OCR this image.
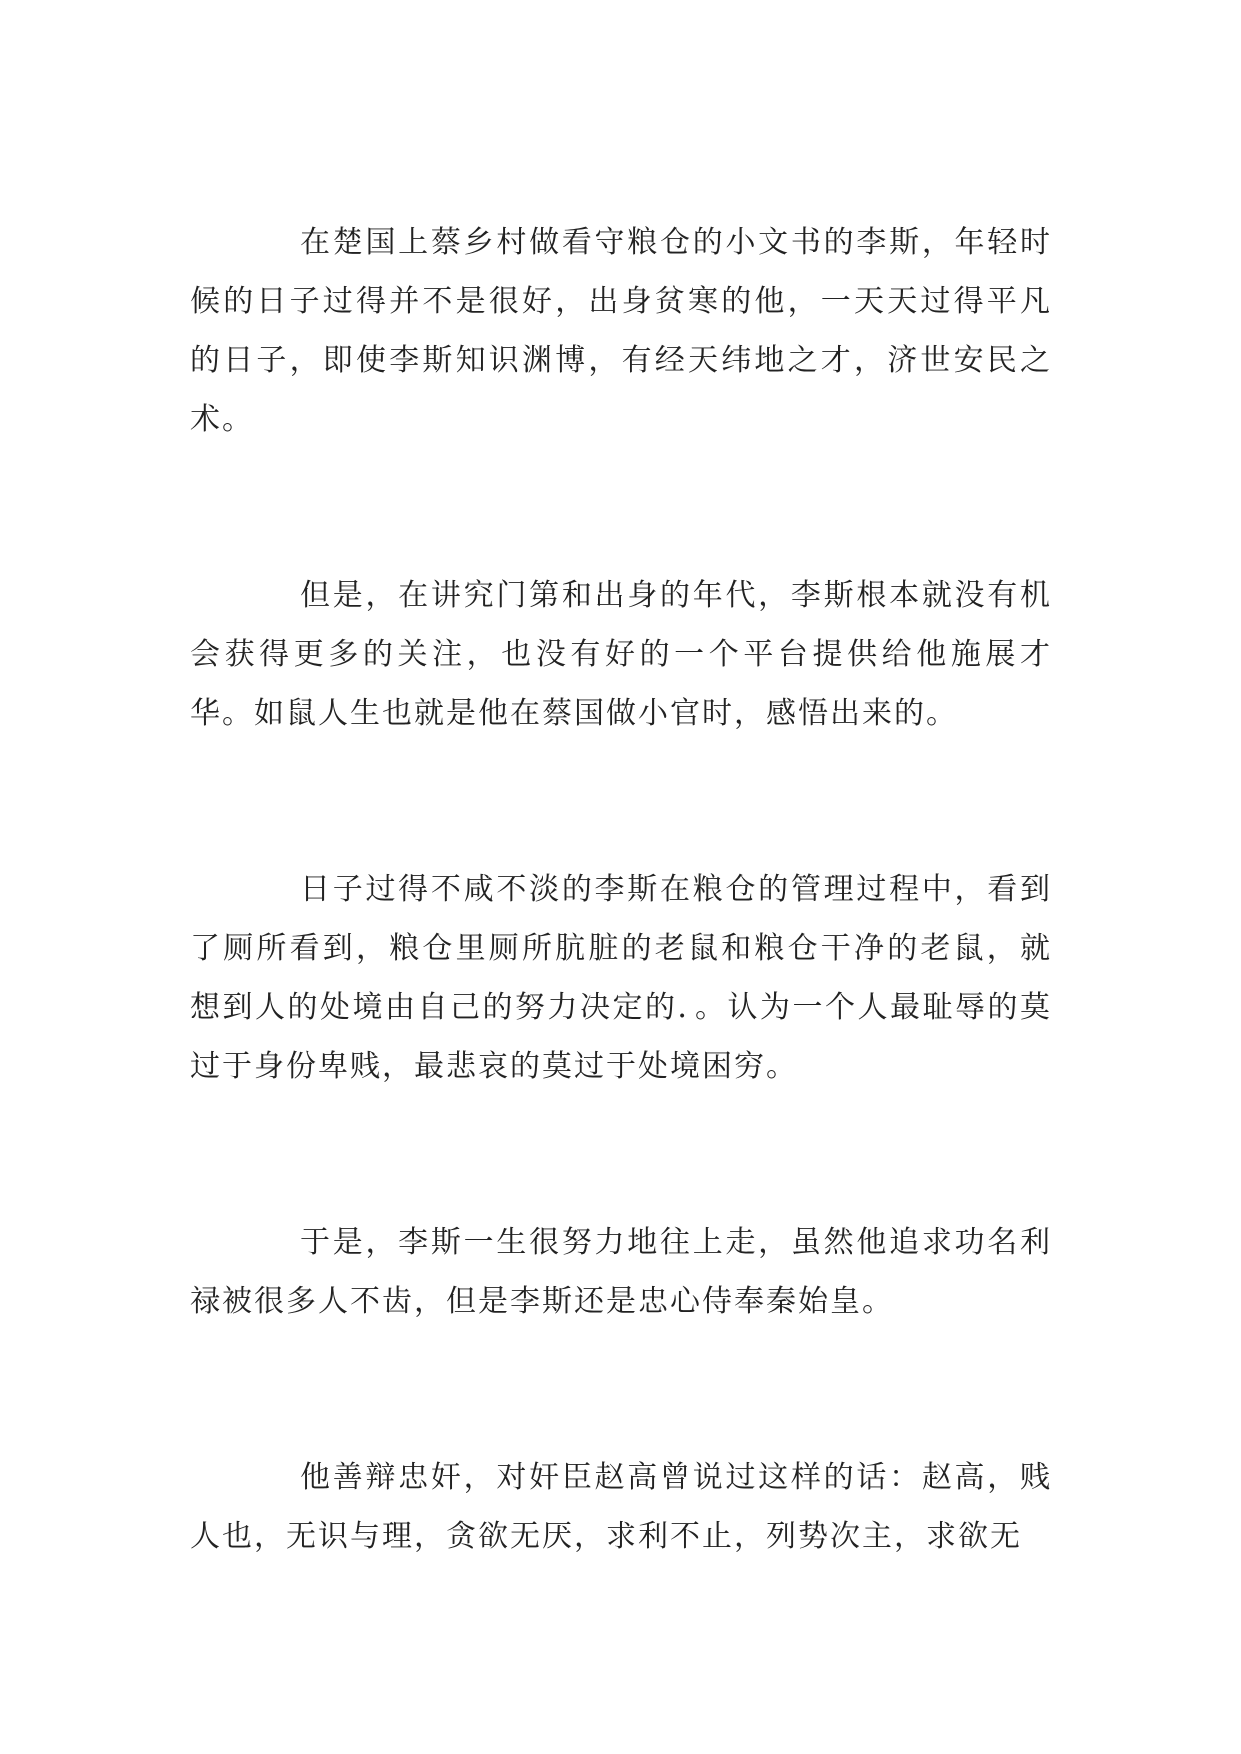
在楚国上蔡乡村做看守粮仓的小文书的李斯，年轻时候的日子过得并不是很好，出身贫寒的他，一天天过得平凡的日子，即使李斯知识渊博，有经天纬地之才，济世安民之术。

但是，在讲究门第和出身的年代，李斯根本就没有机会获得更多的关注，也没有好的一个平台提供给他施展才华。如鼠人生也就是他在蔡国做小官时，感悟出来的。

日子过得不咸不淡的李斯在粮仓的管理过程中，看到了厕所看到，粮仓里厕所肮脏的老鼠和粮仓干净的老鼠，就想到人的处境由自己的努力决定的．。认为一个人最耻辱的莫过于身份卑贱，最悲哀的莫过于处境困穷。

于是，李斯一生很努力地往上走，虽然他追求功名利禄被很多人不齿，但是李斯还是忠心侍奉秦始皇。

他善辩忠奸，对奸臣赵高曾说过这样的话：赵高，贱人也，无识与理，贪欲无厌，求利不止，列势次主，求欲无
